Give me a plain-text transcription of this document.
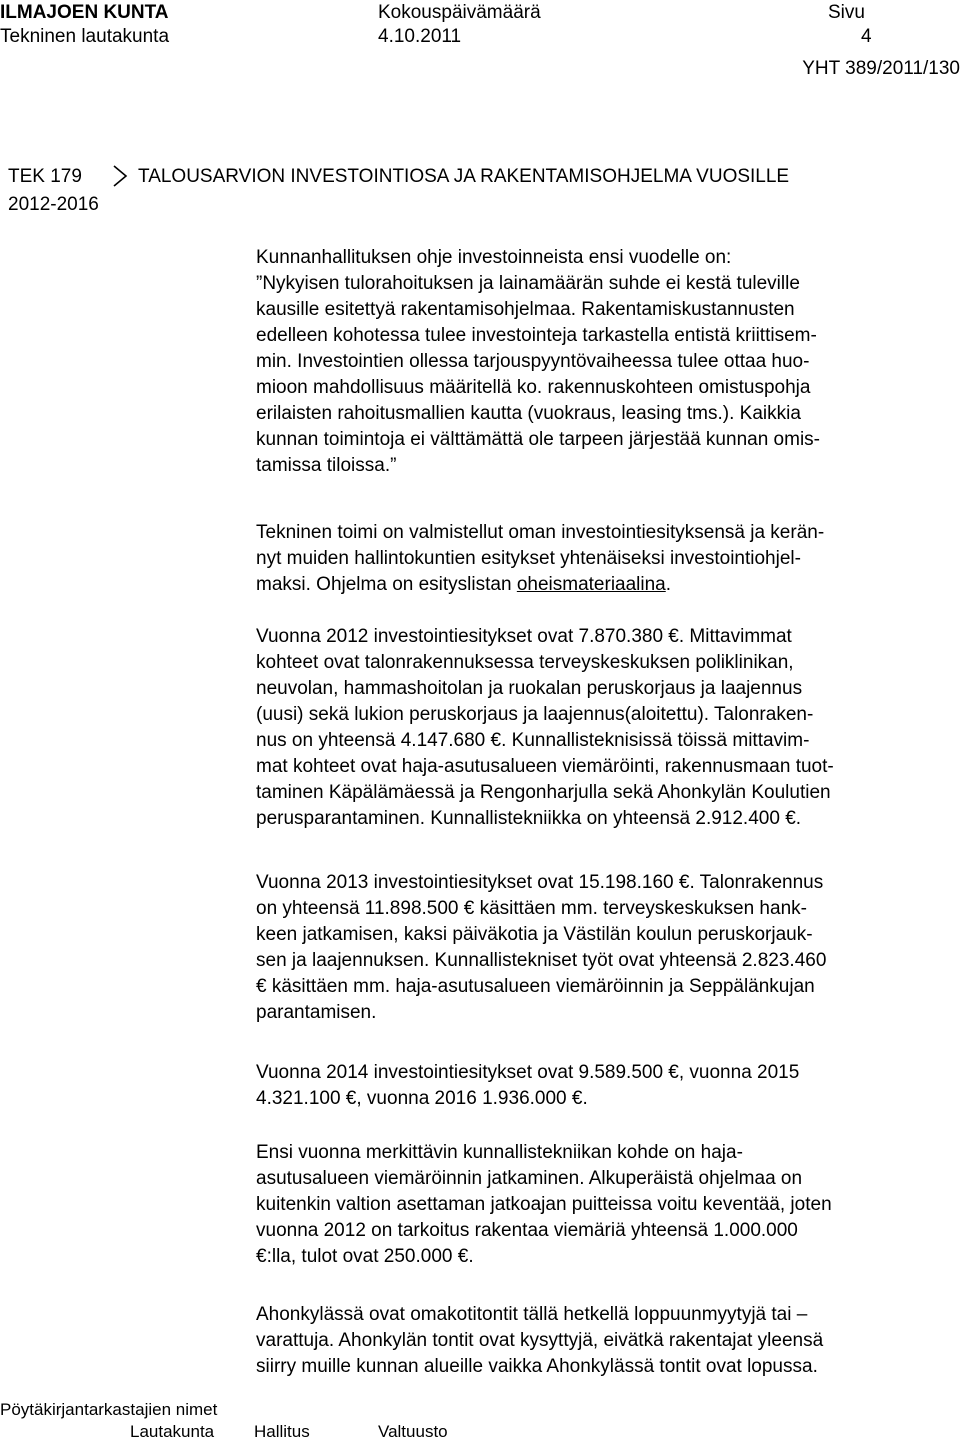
ILMAJOEN KUNTA
Tekninen lautakunta
Kokouspäivämäärä
4.10.2011
Sivu
4
YHT 389/2011/130
TEK 179	TALOUSARVION INVESTOINTIOSA JA RAKENTAMISOHJELMA VUOSILLE
2012-2016

Kunnanhallituksen ohje investoinneista ensi vuodelle on:

”Nykyisen tulorahoituksen ja lainamäärän suhde ei kestä tuleville

kausille esitettyä rakentamisohjelmaa. Rakentamiskustannusten

edelleen kohotessa tulee investointeja tarkastella entistä kriittisem-

min. Investointien ollessa tarjouspyyntövaiheessa tulee ottaa huo-

mioon mahdollisuus määritellä ko. rakennuskohteen omistuspohja

erilaisten rahoitusmallien kautta (vuokraus, leasing tms.). Kaikkia

kunnan toimintoja ei välttämättä ole tarpeen järjestää kunnan omis-

tamissa tiloissa.”

Tekninen toimi on valmistellut oman investointiesityksensä ja kerän-

nyt muiden hallintokuntien esitykset yhtenäiseksi investointiohjel-

maksi. Ohjelma on esityslistan oheismateriaalina.

Vuonna 2012 investointiesitykset ovat 7.870.380 €. Mittavimmat

kohteet ovat talonrakennuksessa terveyskeskuksen poliklinikan,

neuvolan, hammashoitolan ja ruokalan peruskorjaus ja laajennus

(uusi) sekä lukion peruskorjaus ja laajennus(aloitettu). Talonraken-

nus on yhteensä 4.147.680 €. Kunnallisteknisissä töissä mittavim-

mat kohteet ovat haja-asutusalueen viemäröinti, rakennusmaan tuot-

taminen Käpälämäessä ja Rengonharjulla sekä Ahonkylän Koulutien

perusparantaminen. Kunnallistekniikka on yhteensä 2.912.400 €.

Vuonna 2013 investointiesitykset ovat 15.198.160 €. Talonrakennus

on yhteensä 11.898.500 € käsittäen mm. terveyskeskuksen hank-

keen jatkamisen, kaksi päiväkotia ja Västilän koulun peruskorjauk-

sen ja laajennuksen. Kunnallistekniset työt ovat yhteensä 2.823.460

€ käsittäen mm. haja-asutusalueen viemäröinnin ja Seppälänkujan

parantamisen.

Vuonna 2014 investointiesitykset ovat 9.589.500 €, vuonna 2015

4.321.100 €, vuonna 2016 1.936.000 €.

Ensi vuonna merkittävin kunnallistekniikan kohde on haja-

asutusalueen viemäröinnin jatkaminen. Alkuperäistä ohjelmaa on

kuitenkin valtion asettaman jatkoajan puitteissa voitu keventää, joten

vuonna 2012 on tarkoitus rakentaa viemäriä yhteensä 1.000.000

€:lla, tulot ovat 250.000 €.

Ahonkylässä ovat omakotitontit tällä hetkellä loppuunmyytyjä tai –

varattuja. Ahonkylän tontit ovat kysyttyjä, eivätkä rakentajat yleensä

siirry muille kunnan alueille vaikka Ahonkylässä tontit ovat lopussa.

Pöytäkirjantarkastajien nimet
Lautakunta Hallitus	Valtuusto
